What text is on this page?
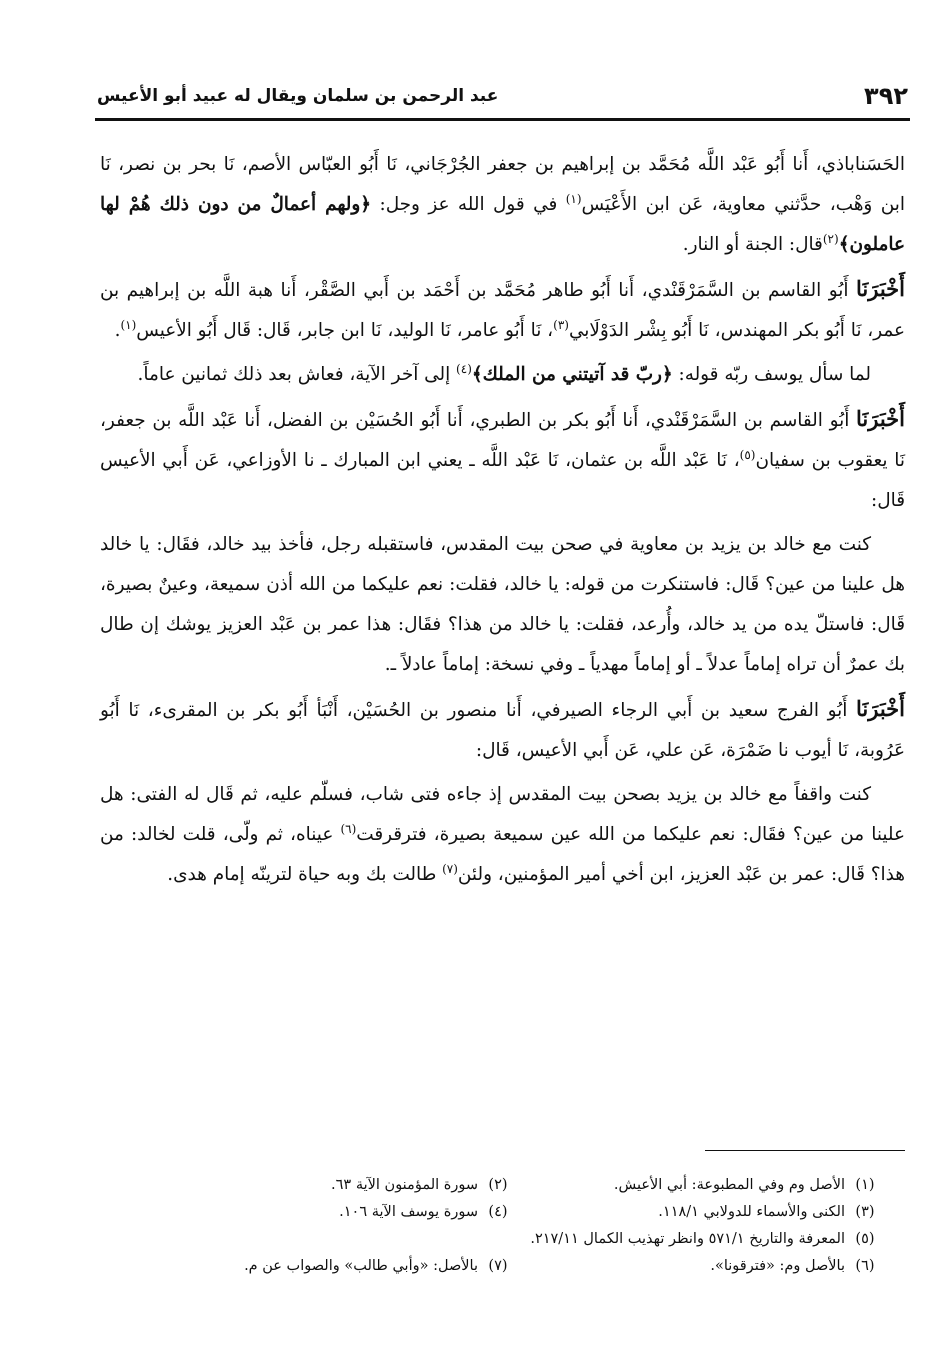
٣٩٢
عبد الرحمن بن سلمان ويقال له عبيد أبو الأعيس

الحَسَناباذي، أَنا أَبُو عَبْد اللَّه مُحَمَّد بن إبراهيم بن جعفر الجُرْجَاني، نَا أَبُو العبّاس الأصم، نَا بحر بن نصر، نَا ابن وَهْب، حدَّثني معاوية، عَن ابن الأَعْيَس$^{(١)}$ في قول الله عز وجل: ﴿ولهم أعمالٌ من دون ذلك هُمْ لها عاملون﴾$^{(٢)}$قال: الجنة أو النار.

أَخْبَرَنَا أَبُو القاسم بن السَّمَرْقَنْدي، أَنا أَبُو طاهر مُحَمَّد بن أَحْمَد بن أَبي الصَّقْر، أَنا هبة اللَّه بن إبراهيم بن عمر، نَا أَبُو بكر المهندس، نَا أَبُو بِشْر الدَوْلَابي$^{(٣)}$، نَا أَبُو عامر، نَا الوليد، نَا ابن جابر، قَال: قَال أَبُو الأعيس$^{(١)}$.

لما سأل يوسف ربّه قوله: ﴿ربّ قد آتيتني من الملك﴾$^{(٤)}$ إلى آخر الآية، فعاش بعد ذلك ثمانين عاماً.

أَخْبَرَنَا أَبُو القاسم بن السَّمَرْقَنْدي، أَنا أَبُو بكر بن الطبري، أَنا أَبُو الحُسَيْن بن الفضل، أَنا عَبْد اللَّه بن جعفر، نَا يعقوب بن سفيان$^{(٥)}$، نَا عَبْد اللَّه بن عثمان، نَا عَبْد اللَّه ـ يعني ابن المبارك ـ نا الأوزاعي، عَن أَبي الأعيس قَال:

كنت مع خالد بن يزيد بن معاوية في صحن بيت المقدس، فاستقبله رجل، فأخذ بيد خالد، فقَال: يا خالد هل علينا من عين؟ قَال: فاستنكرت من قوله: يا خالد، فقلت: نعم عليكما من الله أذن سميعة، وعينٌ بصيرة، قَال: فاستلّ يده من يد خالد، وأُرعد، فقلت: يا خالد من هذا؟ فقَال: هذا عمر بن عَبْد العزيز يوشك إن طال بك عمرٌ أن تراه إماماً عدلاً ـ أو إماماً مهدياً ـ وفي نسخة: إماماً عادلاً ـ.

أَخْبَرَنَا أَبُو الفرج سعيد بن أَبي الرجاء الصيرفي، أَنا منصور بن الحُسَيْن، أَنْبَأ أَبُو بكر بن المقرىء، نَا أَبُو عَرُوبة، نَا أيوب نا ضَمْرَة، عَن علي، عَن أَبي الأعيس، قَال:

كنت واقفاً مع خالد بن يزيد بصحن بيت المقدس إذ جاءه فتى شاب، فسلّم عليه، ثم قَال له الفتى: هل علينا من عين؟ فقَال: نعم عليكما من الله عين سميعة بصيرة، فترقرقت$^{(٦)}$ عيناه، ثم ولّى، قلت لخالد: من هذا؟ قَال: عمر بن عَبْد العزيز، ابن أخي أمير المؤمنين، ولئن$^{(٧)}$ طالت بك وبه حياة لترينّه إمام هدى.

(١)
الأصل وم وفي المطبوعة: أبي الأعيش.
(٢)
سورة المؤمنون الآية ٦٣.
(٣)
الكنى والأسماء للدولابي ١١٨/١.
(٤)
سورة يوسف الآية ١٠٦.
(٥)
المعرفة والتاريخ ٥٧١/١ وانظر تهذيب الكمال ٢١٧/١١.
(٦)
بالأصل وم: «فترقونا».
(٧)
بالأصل: «وأبي طالب» والصواب عن م.
